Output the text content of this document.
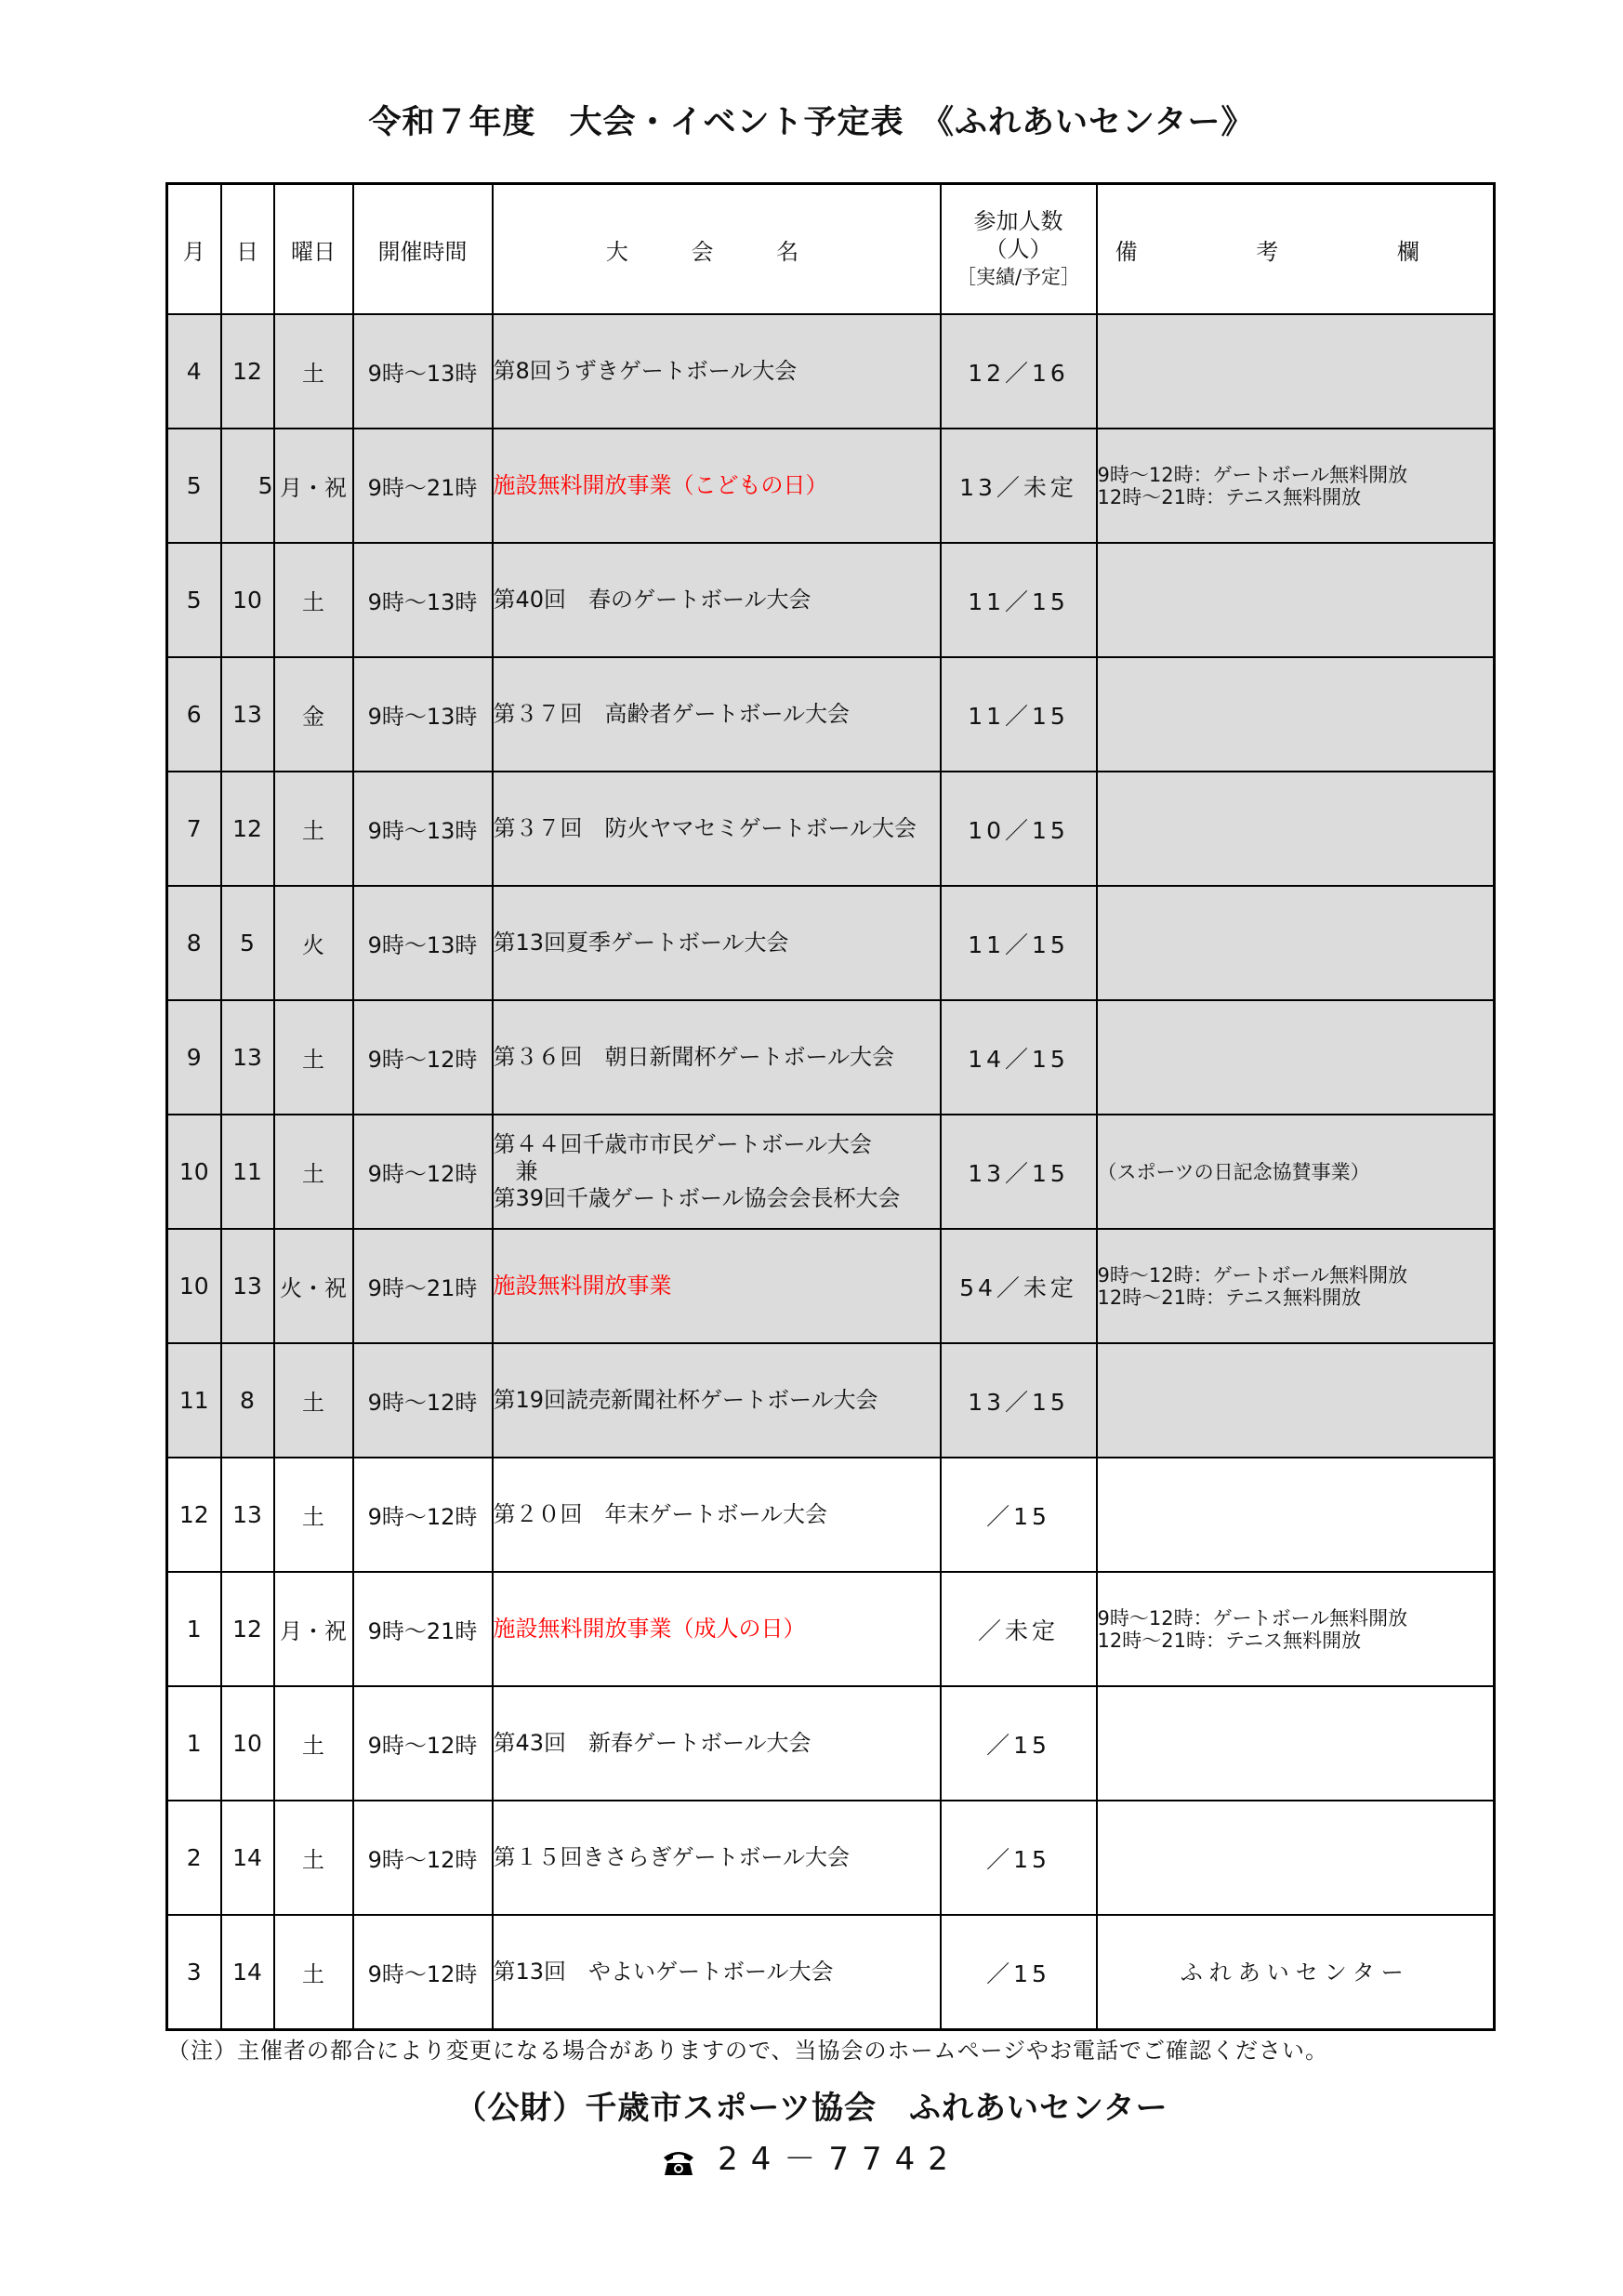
令和７年度　大会・イベント予定表　《ふれあいセンター》
月	日	曜日	開催時間	大 会 名	参加人数
（人）
［実績/予定］	備 考 欄
4	12	土	9時～13時	第8回うずきゲートボール大会	12／16	

5	5	月・祝	9時～21時	施設無料開放事業（こどもの日）	13／未定	9時～12時：ゲートボール無料開放
12時～21時：テニス無料開放

5	10	土	9時～13時	第40回　春のゲートボール大会	11／15	

6	13	金	9時～13時	第３７回　高齢者ゲートボール大会	11／15	

7	12	土	9時～13時	第３７回　防火ヤマセミゲートボール大会	10／15	

8	5	火	9時～13時	第13回夏季ゲートボール大会	11／15	

9	13	土	9時～12時	第３６回　朝日新聞杯ゲートボール大会	14／15	

10	11	土	9時～12時	第４４回千歳市市民ゲートボール大会
　兼
第39回千歳ゲートボール協会会長杯大会	13／15	（スポーツの日記念協賛事業）

10	13	火・祝	9時～21時	施設無料開放事業	54／未定	9時～12時：ゲートボール無料開放
12時～21時：テニス無料開放

11	8	土	9時～12時	第19回読売新聞社杯ゲートボール大会	13／15	

12	13	土	9時～12時	第２０回　年末ゲートボール大会	／15	

1	12	月・祝	9時～21時	施設無料開放事業（成人の日）	／未定	9時～12時：ゲートボール無料開放
12時～21時：テニス無料開放

1	10	土	9時～12時	第43回　新春ゲートボール大会	／15	

2	14	土	9時～12時	第１５回きさらぎゲートボール大会	／15	

3	14	土	9時～12時	第13回　やよいゲートボール大会	／15	ふれあいセンター
（注）主催者の都合により変更になる場合がありますので、当協会のホームページやお電話でご確認ください。
（公財）千歳市スポーツ協会　ふれあいセンター
24－7742
